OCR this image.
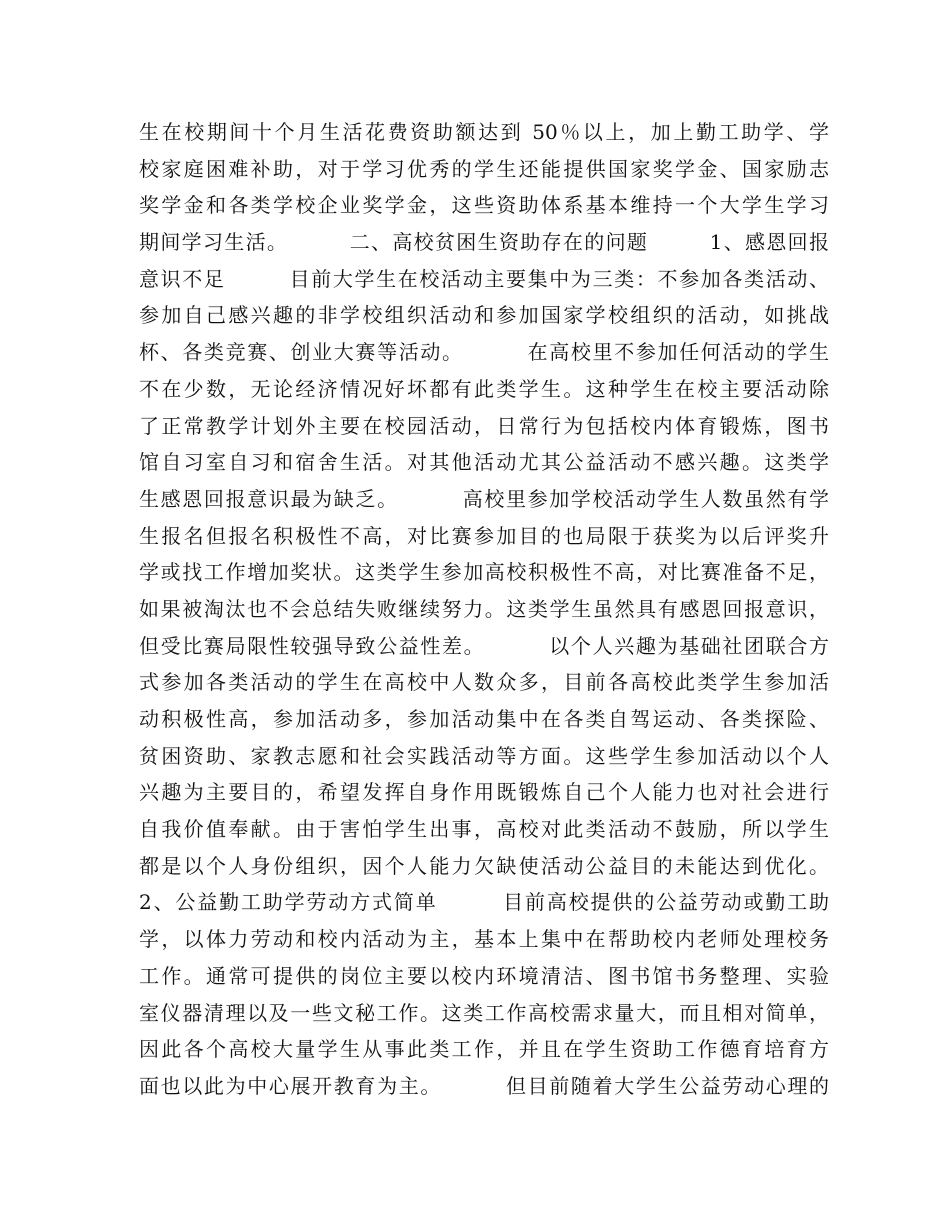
生在校期间十个月生活花费资助额达到 50％以上，加上勤工助学、学
校家庭困难补助，对于学习优秀的学生还能提供国家奖学金、国家励志
奖学金和各类学校企业奖学金，这些资助体系基本维持一个大学生学习
期间学习生活。        二、高校贫困生资助存在的问题        1、感恩回报
意识不足        目前大学生在校活动主要集中为三类：不参加各类活动、
参加自己感兴趣的非学校组织活动和参加国家学校组织的活动，如挑战
杯、各类竞赛、创业大赛等活动。        在高校里不参加任何活动的学生
不在少数，无论经济情况好坏都有此类学生。这种学生在校主要活动除
了正常教学计划外主要在校园活动，日常行为包括校内体育锻炼，图书
馆自习室自习和宿舍生活。对其他活动尤其公益活动不感兴趣。这类学
生感恩回报意识最为缺乏。        高校里参加学校活动学生人数虽然有学
生报名但报名积极性不高，对比赛参加目的也局限于获奖为以后评奖升
学或找工作增加奖状。这类学生参加高校积极性不高，对比赛准备不足，
如果被淘汰也不会总结失败继续努力。这类学生虽然具有感恩回报意识，
但受比赛局限性较强导致公益性差。        以个人兴趣为基础社团联合方
式参加各类活动的学生在高校中人数众多，目前各高校此类学生参加活
动积极性高，参加活动多，参加活动集中在各类自驾运动、各类探险、
贫困资助、家教志愿和社会实践活动等方面。这些学生参加活动以个人
兴趣为主要目的，希望发挥自身作用既锻炼自己个人能力也对社会进行
自我价值奉献。由于害怕学生出事，高校对此类活动不鼓励，所以学生
都是以个人身份组织，因个人能力欠缺使活动公益目的未能达到优化。
2、公益勤工助学劳动方式简单        目前高校提供的公益劳动或勤工助
学，以体力劳动和校内活动为主，基本上集中在帮助校内老师处理校务
工作。通常可提供的岗位主要以校内环境清洁、图书馆书务整理、实验
室仪器清理以及一些文秘工作。这类工作高校需求量大，而且相对简单，
因此各个高校大量学生从事此类工作，并且在学生资助工作德育培育方
面也以此为中心展开教育为主。        但目前随着大学生公益劳动心理的
